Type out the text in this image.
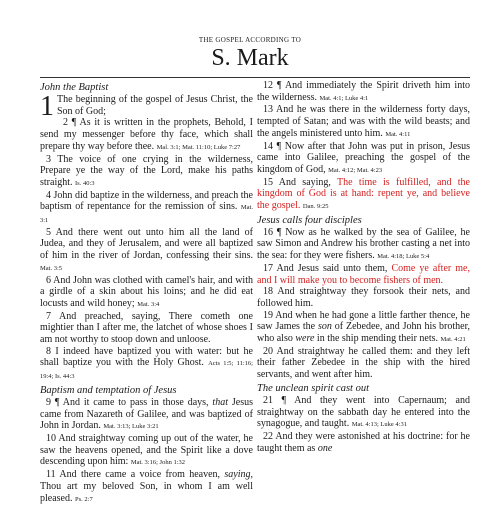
THE GOSPEL ACCORDING TO
S. Mark
John the Baptist

1 The beginning of the gospel of Jesus Christ, the Son of God;

2 ¶ As it is written in the prophets, Behold, I send my messenger before thy face, which shall prepare thy way before thee. Mal. 3:1; Mat. 11:10; Luke 7:27

3 The voice of one crying in the wilderness, Prepare ye the way of the Lord, make his paths straight. Is. 40:3

4 John did baptize in the wilderness, and preach the baptism of repentance for the remission of sins. Mat. 3:1

5 And there went out unto him all the land of Judea, and they of Jerusalem, and were all baptized of him in the river of Jordan, confessing their sins. Mat. 3:5

6 And John was clothed with camel's hair, and with a girdle of a skin about his loins; and he did eat locusts and wild honey; Mat. 3:4

7 And preached, saying, There cometh one mightier than I after me, the latchet of whose shoes I am not worthy to stoop down and unloose.

8 I indeed have baptized you with water: but he shall baptize you with the Holy Ghost. Acts 1:5; 11:16; 19:4; Is. 44:3

Baptism and temptation of Jesus

9 ¶ And it came to pass in those days, that Jesus came from Nazareth of Galilee, and was baptized of John in Jordan. Mat. 3:13; Luke 3:21

10 And straightway coming up out of the water, he saw the heavens opened, and the Spirit like a dove descending upon him: Mat. 3:16; John 1:32

11 And there came a voice from heaven, saying, Thou art my beloved Son, in whom I am well pleased. Ps. 2:7

12 ¶ And immediately the Spirit driveth him into the wilderness. Mat. 4:1; Luke 4:1

13 And he was there in the wilderness forty days, tempted of Satan; and was with the wild beasts; and the angels ministered unto him. Mat. 4:11

14 ¶ Now after that John was put in prison, Jesus came into Galilee, preaching the gospel of the kingdom of God, Mat. 4:12; Mat. 4:23

15 And saying, The time is fulfilled, and the kingdom of God is at hand: repent ye, and believe the gospel. Dan. 9:25

Jesus calls four disciples

16 ¶ Now as he walked by the sea of Galilee, he saw Simon and Andrew his brother casting a net into the sea: for they were fishers. Mat. 4:18; Luke 5:4

17 And Jesus said unto them, Come ye after me, and I will make you to become fishers of men.

18 And straightway they forsook their nets, and followed him.

19 And when he had gone a little farther thence, he saw James the son of Zebedee, and John his brother, who also were in the ship mending their nets. Mat. 4:21

20 And straightway he called them: and they left their father Zebedee in the ship with the hired servants, and went after him.

The unclean spirit cast out

21 ¶ And they went into Capernaum; and straightway on the sabbath day he entered into the synagogue, and taught. Mat. 4:13; Luke 4:31

22 And they were astonished at his doctrine: for he taught them as one
